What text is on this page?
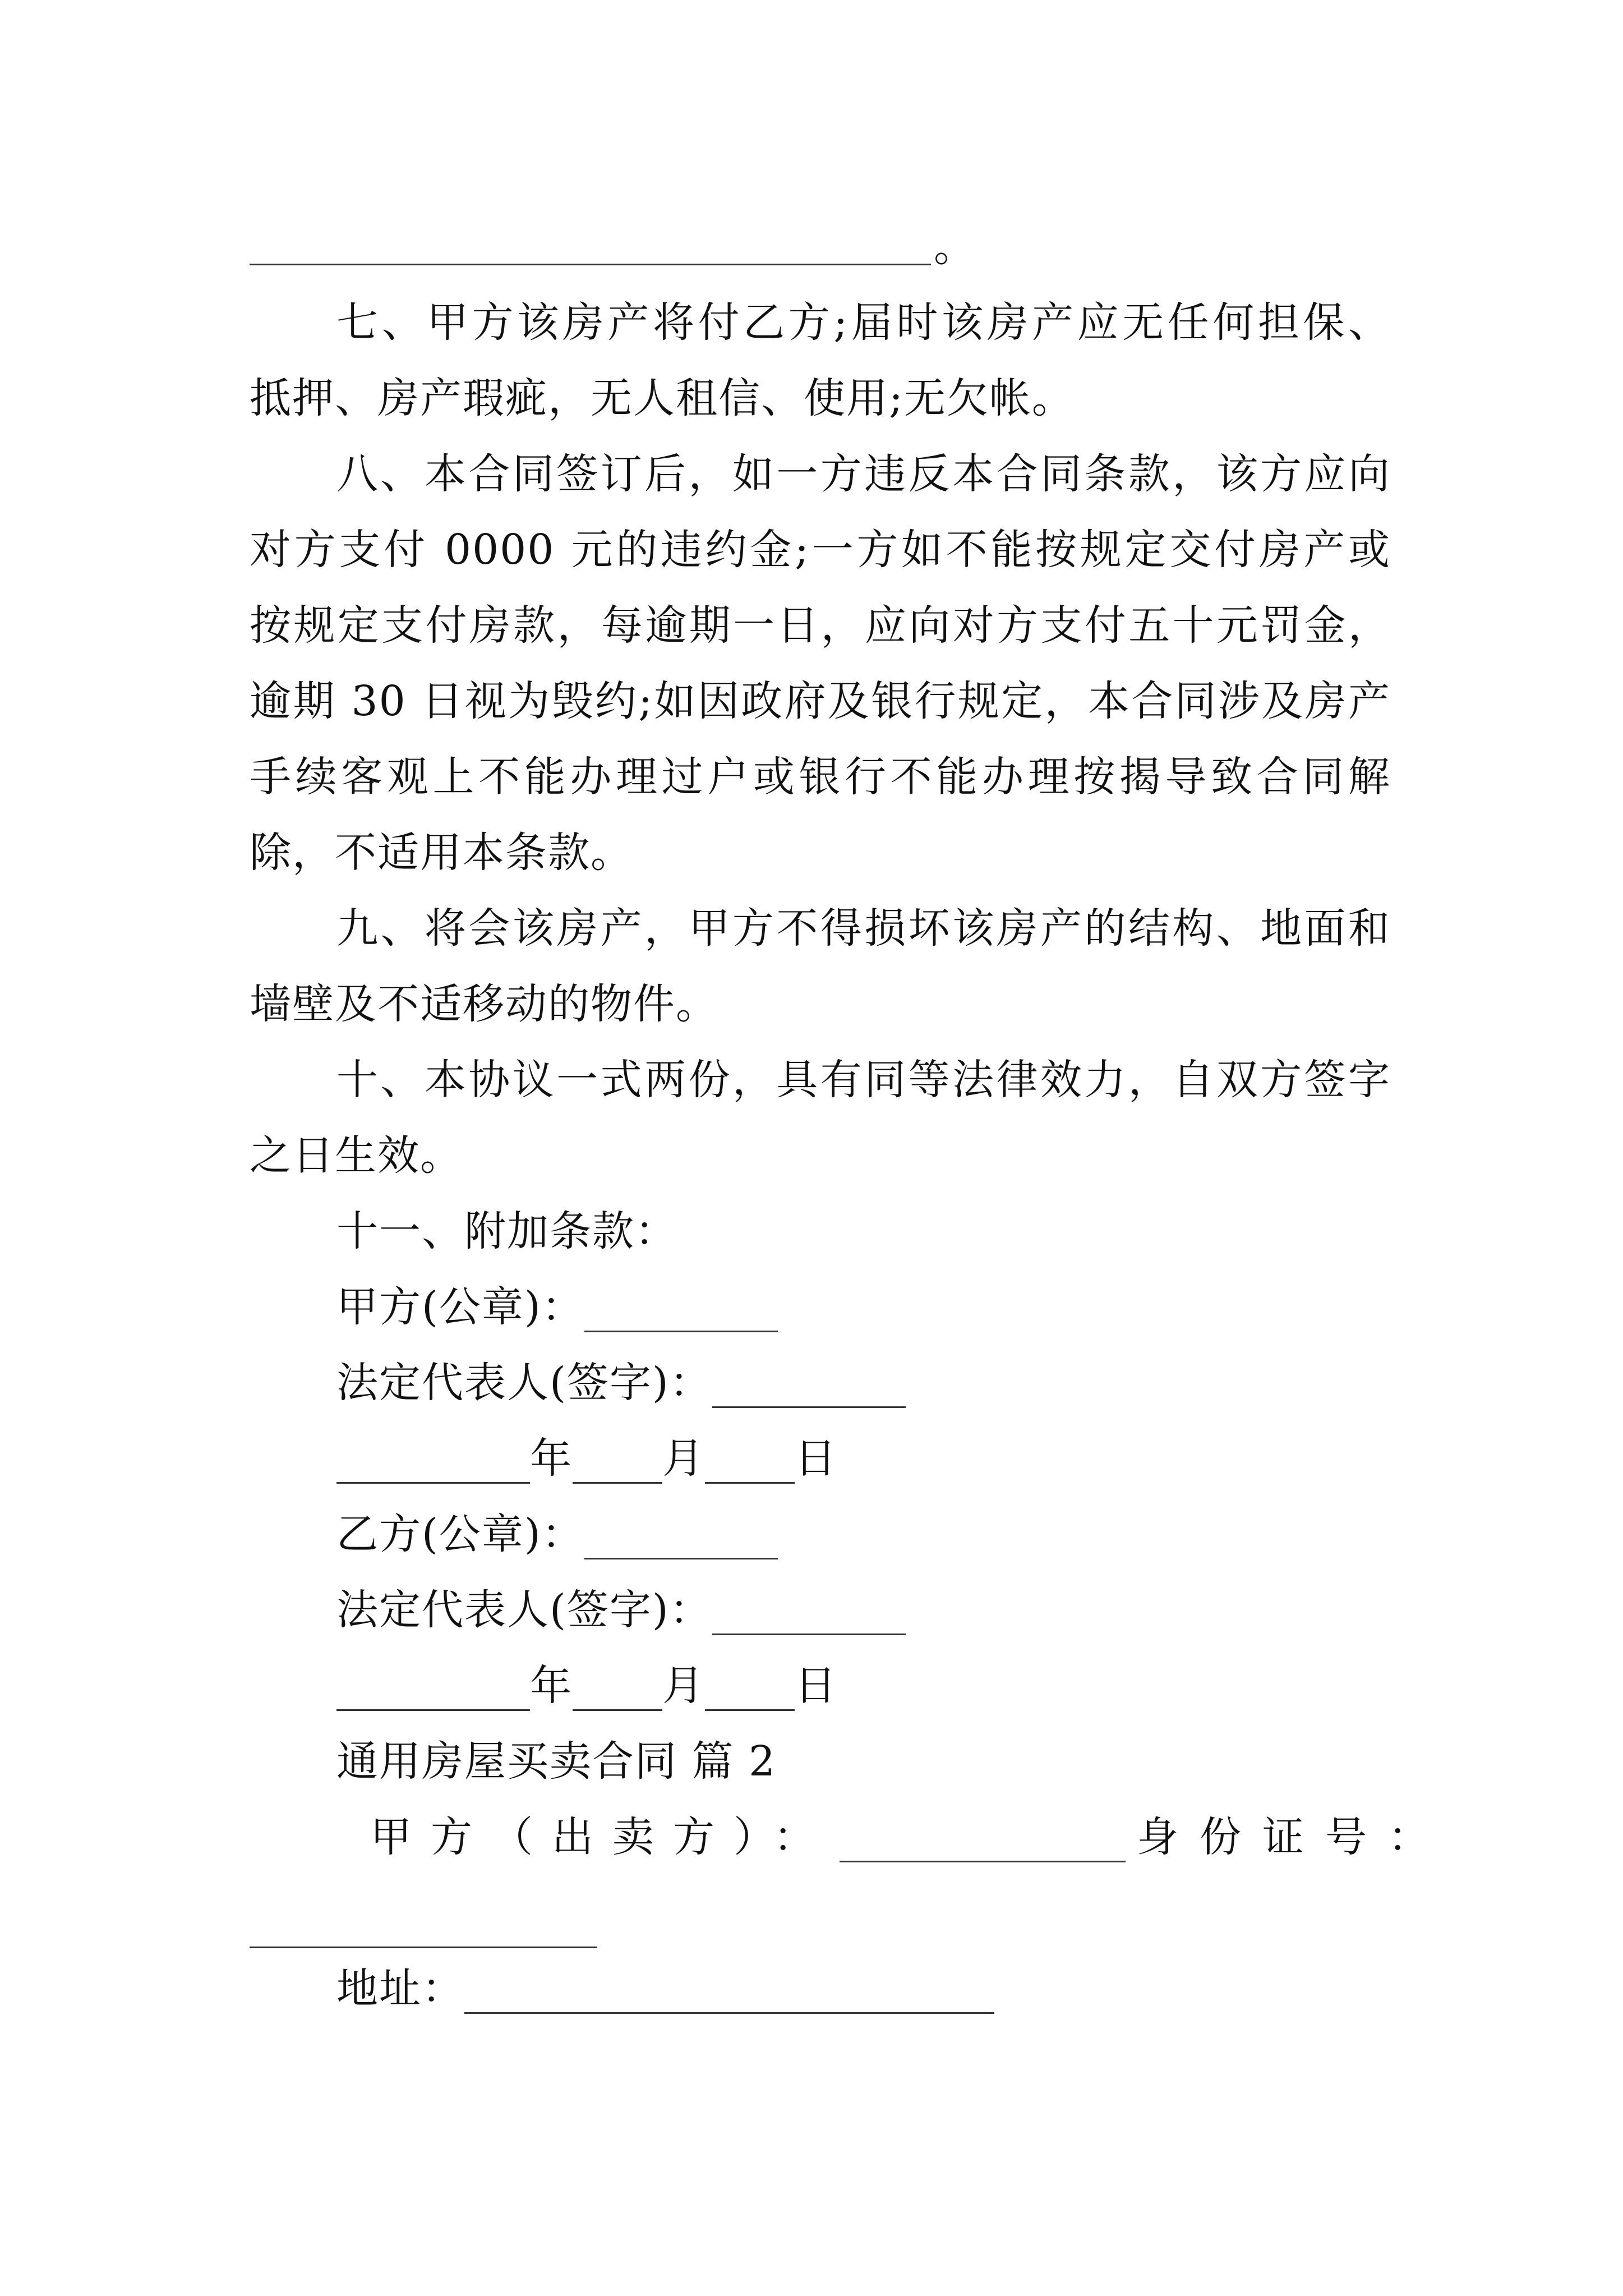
。
七、甲方该房产将付乙方;届时该房产应无任何担保、
抵押、房产瑕疵，无人租信、使用;无欠帐。
八、本合同签订后，如一方违反本合同条款，该方应向
对方支付 0000 元的违约金;一方如不能按规定交付房产或
按规定支付房款，每逾期一日，应向对方支付五十元罚金，
逾期 30 日视为毁约;如因政府及银行规定，本合同涉及房产
手续客观上不能办理过户或银行不能办理按揭导致合同解
除，不适用本条款。
九、将会该房产，甲方不得损坏该房产的结构、地面和
墙壁及不适移动的物件。
十、本协议一式两份，具有同等法律效力，自双方签字
之日生效。
十一、附加条款：
甲方(公章)：
法定代表人(签字)：
年 月 日
乙方(公章)：
法定代表人(签字)：
年 月 日
通用房屋买卖合同 篇 2
甲方（出卖方）：	身份证号：
地址：
